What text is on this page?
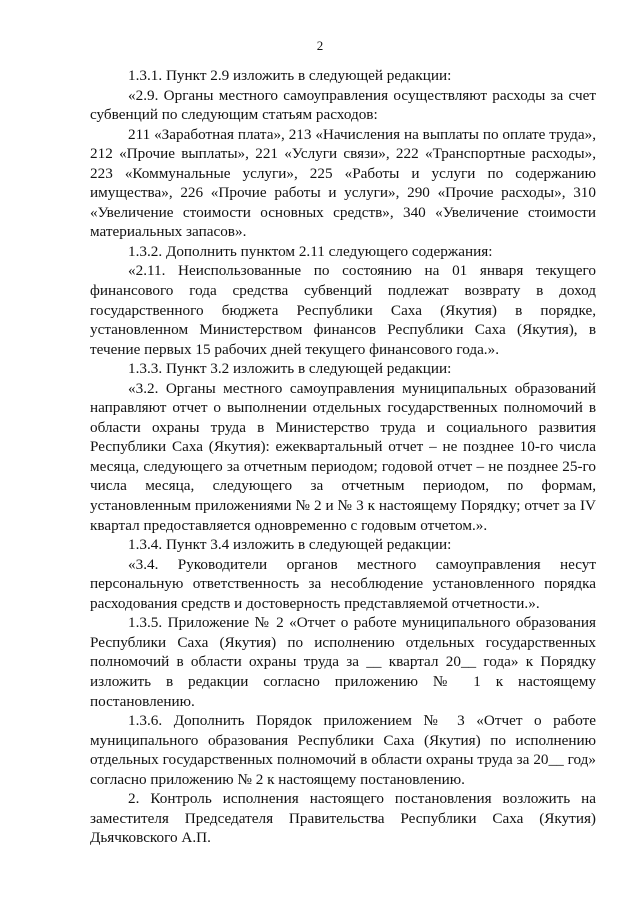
2

1.3.1. Пункт 2.9 изложить в следующей редакции:

«2.9. Органы местного самоуправления осуществляют расходы за счет субвенций по следующим статьям расходов:

211 «Заработная плата», 213 «Начисления на выплаты по оплате труда», 212 «Прочие выплаты», 221 «Услуги связи», 222 «Транспортные расходы», 223 «Коммунальные услуги», 225 «Работы и услуги по содержанию имущества», 226 «Прочие работы и услуги», 290 «Прочие расходы», 310 «Увеличение стоимости основных средств», 340 «Увеличение стоимости материальных запасов».

1.3.2. Дополнить пунктом 2.11 следующего содержания:

«2.11. Неиспользованные по состоянию на 01 января текущего финансового года средства субвенций подлежат возврату в доход государственного бюджета Республики Саха (Якутия) в порядке, установленном Министерством финансов Республики Саха (Якутия), в течение первых 15 рабочих дней текущего финансового года.».

1.3.3. Пункт 3.2 изложить в следующей редакции:

«3.2. Органы местного самоуправления муниципальных образований направляют отчет о выполнении отдельных государственных полномочий в области охраны труда в Министерство труда и социального развития Республики Саха (Якутия): ежеквартальный отчет – не позднее 10-го числа месяца, следующего за отчетным периодом; годовой отчет – не позднее 25-го числа месяца, следующего за отчетным периодом, по формам, установленным приложениями № 2 и № 3 к настоящему Порядку; отчет за IV квартал предоставляется одновременно с годовым отчетом.».

1.3.4. Пункт 3.4 изложить в следующей редакции:

«3.4. Руководители органов местного самоуправления несут персональную ответственность за несоблюдение установленного порядка расходования средств и достоверность представляемой отчетности.».

1.3.5. Приложение № 2 «Отчет о работе муниципального образования Республики Саха (Якутия) по исполнению отдельных государственных полномочий в области охраны труда за __ квартал 20__ года» к Порядку изложить в редакции согласно приложению № 1 к настоящему постановлению.

1.3.6. Дополнить Порядок приложением № 3 «Отчет о работе муниципального образования Республики Саха (Якутия) по исполнению отдельных государственных полномочий в области охраны труда за 20__ год» согласно приложению № 2 к настоящему постановлению.

2. Контроль исполнения настоящего постановления возложить на заместителя Председателя Правительства Республики Саха (Якутия) Дьячковского А.П.
